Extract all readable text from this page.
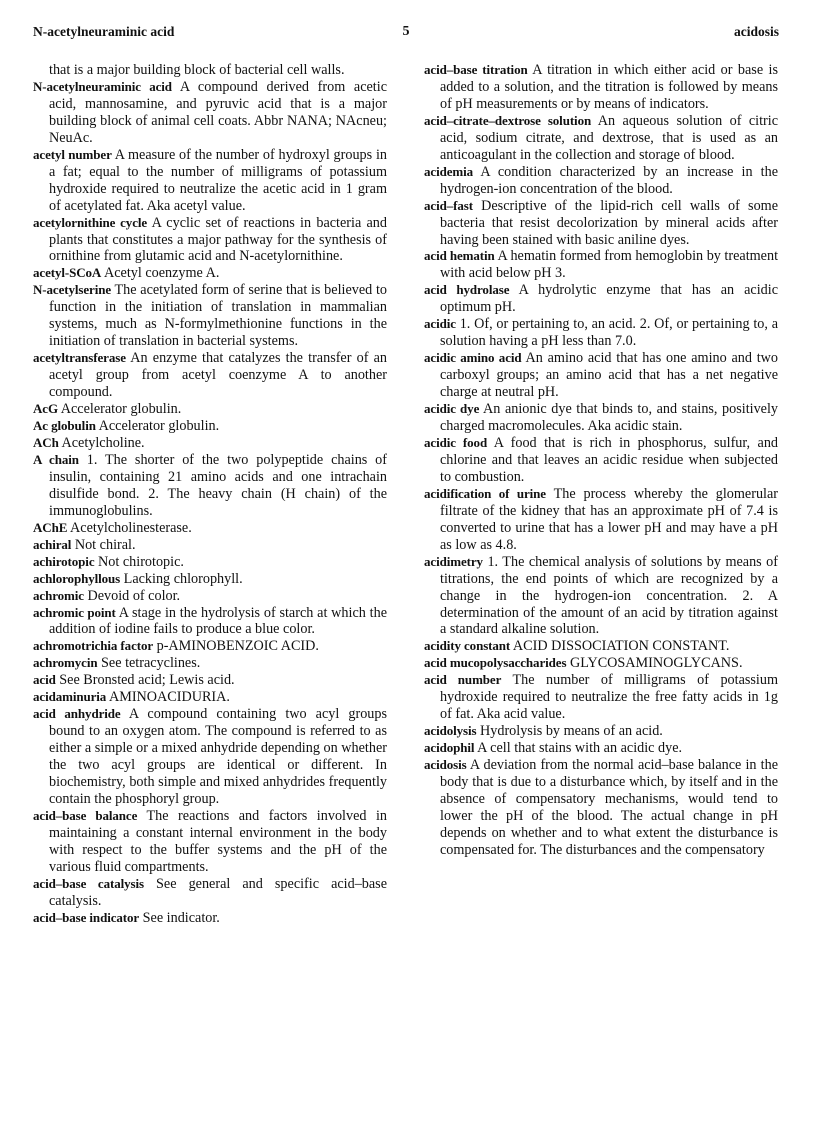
N-acetylneuraminic acid	5	acidosis

that is a major building block of bacterial cell walls.

N-acetylneuraminic acid A compound derived from acetic acid, mannosamine, and pyruvic acid that is a major building block of animal cell coats. Abbr NANA; NAcneu; NeuAc.

acetyl number A measure of the number of hydroxyl groups in a fat; equal to the number of milligrams of potassium hydroxide required to neutralize the acetic acid in 1 gram of acetylated fat. Aka acetyl value.

acetylornithine cycle A cyclic set of reactions in bacteria and plants that constitutes a major pathway for the synthesis of ornithine from glutamic acid and N-acetylornithine.

acetyl-SCoA Acetyl coenzyme A.

N-acetylserine The acetylated form of serine that is believed to function in the initiation of translation in mammalian systems, much as N-formylmethionine functions in the initiation of translation in bacterial systems.

acetyltransferase An enzyme that catalyzes the transfer of an acetyl group from acetyl coenzyme A to another compound.

AcG Accelerator globulin.

Ac globulin Accelerator globulin.

ACh Acetylcholine.

A chain 1. The shorter of the two polypeptide chains of insulin, containing 21 amino acids and one intrachain disulfide bond. 2. The heavy chain (H chain) of the immunoglobulins.

AChE Acetylcholinesterase.

achiral Not chiral.

achirotopic Not chirotopic.

achlorophyllous Lacking chlorophyll.

achromic Devoid of color.

achromic point A stage in the hydrolysis of starch at which the addition of iodine fails to produce a blue color.

achromotrichia factor p-AMINOBENZOIC ACID.

achromycin See tetracyclines.

acid See Bronsted acid; Lewis acid.

acidaminuria AMINOACIDURIA.

acid anhydride A compound containing two acyl groups bound to an oxygen atom. The compound is referred to as either a simple or a mixed anhydride depending on whether the two acyl groups are identical or different. In biochemistry, both simple and mixed anhydrides frequently contain the phosphoryl group.

acid–base balance The reactions and factors involved in maintaining a constant internal environment in the body with respect to the buffer systems and the pH of the various fluid compartments.

acid–base catalysis See general and specific acid–base catalysis.

acid–base indicator See indicator.

acid–base titration A titration in which either acid or base is added to a solution, and the titration is followed by means of pH measurements or by means of indicators.

acid–citrate–dextrose solution An aqueous solution of citric acid, sodium citrate, and dextrose, that is used as an anticoagulant in the collection and storage of blood.

acidemia A condition characterized by an increase in the hydrogen-ion concentration of the blood.

acid–fast Descriptive of the lipid-rich cell walls of some bacteria that resist decolorization by mineral acids after having been stained with basic aniline dyes.

acid hematin A hematin formed from hemoglobin by treatment with acid below pH 3.

acid hydrolase A hydrolytic enzyme that has an acidic optimum pH.

acidic 1. Of, or pertaining to, an acid. 2. Of, or pertaining to, a solution having a pH less than 7.0.

acidic amino acid An amino acid that has one amino and two carboxyl groups; an amino acid that has a net negative charge at neutral pH.

acidic dye An anionic dye that binds to, and stains, positively charged macromolecules. Aka acidic stain.

acidic food A food that is rich in phosphorus, sulfur, and chlorine and that leaves an acidic residue when subjected to combustion.

acidification of urine The process whereby the glomerular filtrate of the kidney that has an approximate pH of 7.4 is converted to urine that has a lower pH and may have a pH as low as 4.8.

acidimetry 1. The chemical analysis of solutions by means of titrations, the end points of which are recognized by a change in the hydrogen-ion concentration. 2. A determination of the amount of an acid by titration against a standard alkaline solution.

acidity constant ACID DISSOCIATION CONSTANT.

acid mucopolysaccharides GLYCOSAMINOGLYCANS.

acid number The number of milligrams of potassium hydroxide required to neutralize the free fatty acids in 1g of fat. Aka acid value.

acidolysis Hydrolysis by means of an acid.

acidophil A cell that stains with an acidic dye.

acidosis A deviation from the normal acid–base balance in the body that is due to a disturbance which, by itself and in the absence of compensatory mechanisms, would tend to lower the pH of the blood. The actual change in pH depends on whether and to what extent the disturbance is compensated for. The disturbances and the compensatory
